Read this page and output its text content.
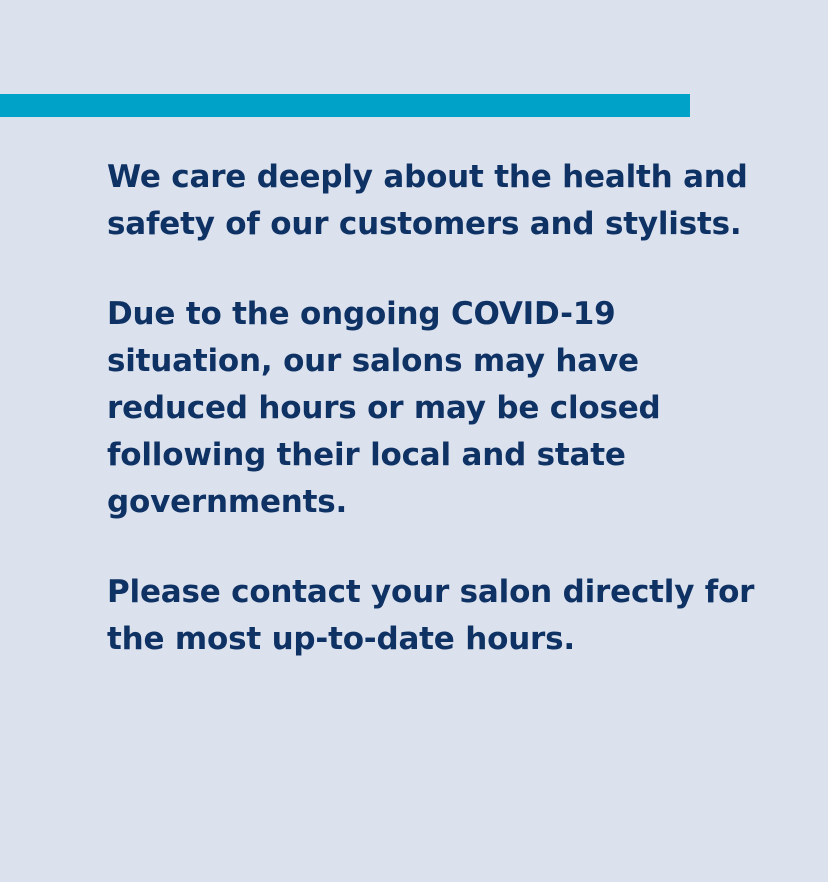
We care deeply about the health and safety of our customers and stylists.

Due to the ongoing COVID-19 situation, our salons may have reduced hours or may be closed following their local and state governments.

Please contact your salon directly for the most up-to-date hours.
